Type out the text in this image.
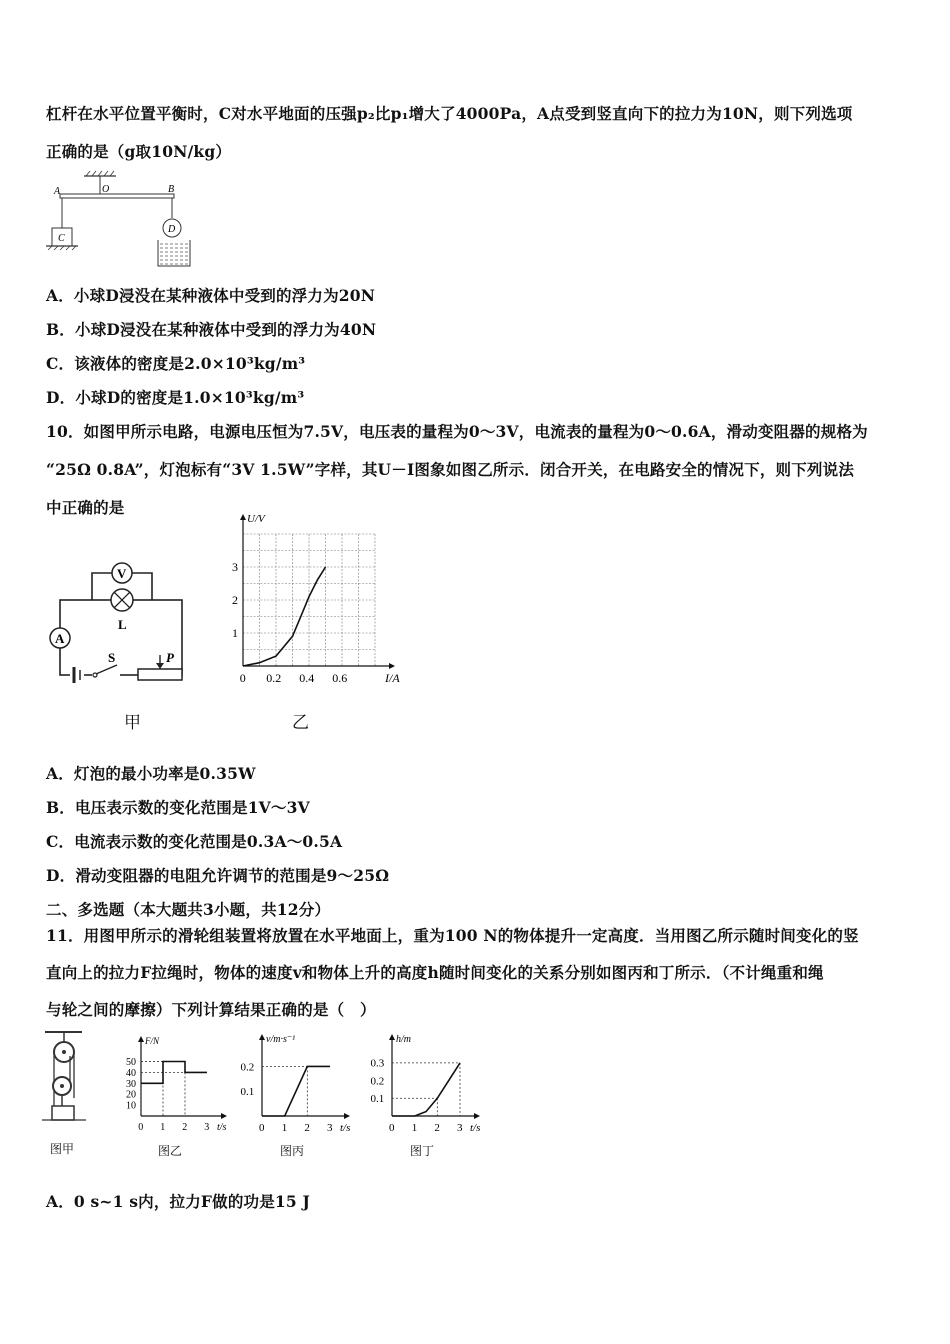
杠杆在水平位置平衡时，C对水平地面的压强p₂比p₁增大了4000Pa，A点受到竖直向下的拉力为10N，则下列选项
正确的是（g取10N/kg）
A	O	B
C
D
A．小球D浸没在某种液体中受到的浮力为20N
B．小球D浸没在某种液体中受到的浮力为40N
C．该液体的密度是2.0×10³kg/m³
D．小球D的密度是1.0×10³kg/m³
10．如图甲所示电路，电源电压恒为7.5V，电压表的量程为0～3V，电流表的量程为0～0.6A，滑动变阻器的规格为
“25Ω 0.8A”，灯泡标有“3V 1.5W”字样，其U－I图象如图乙所示．闭合开关，在电路安全的情况下，则下列说法
中正确的是
V
L
A
S	P
甲
0 0.2 0.4 0.6
1
2
3
I/A
U/V
乙
A．灯泡的最小功率是0.35W
B．电压表示数的变化范围是1V～3V
C．电流表示数的变化范围是0.3A～0.5A
D．滑动变阻器的电阻允许调节的范围是9～25Ω
二、多选题（本大题共3小题，共12分）
11．用图甲所示的滑轮组装置将放置在水平地面上，重为100 N的物体提升一定高度．当用图乙所示随时间变化的竖
直向上的拉力F拉绳时，物体的速度v和物体上升的高度h随时间变化的关系分别如图丙和丁所示．（不计绳重和绳
与轮之间的摩擦）下列计算结果正确的是（　）
图甲
0 1 2 3
10
20
30
40
50
t/s
F/N
图乙
0 1 2 3
0.1
0.2
t/s
v/m·s⁻¹
图丙
0 1 2 3
0.1
0.2
0.3
t/s
h/m
图丁
A．0 s~1 s内，拉力F做的功是15 J
